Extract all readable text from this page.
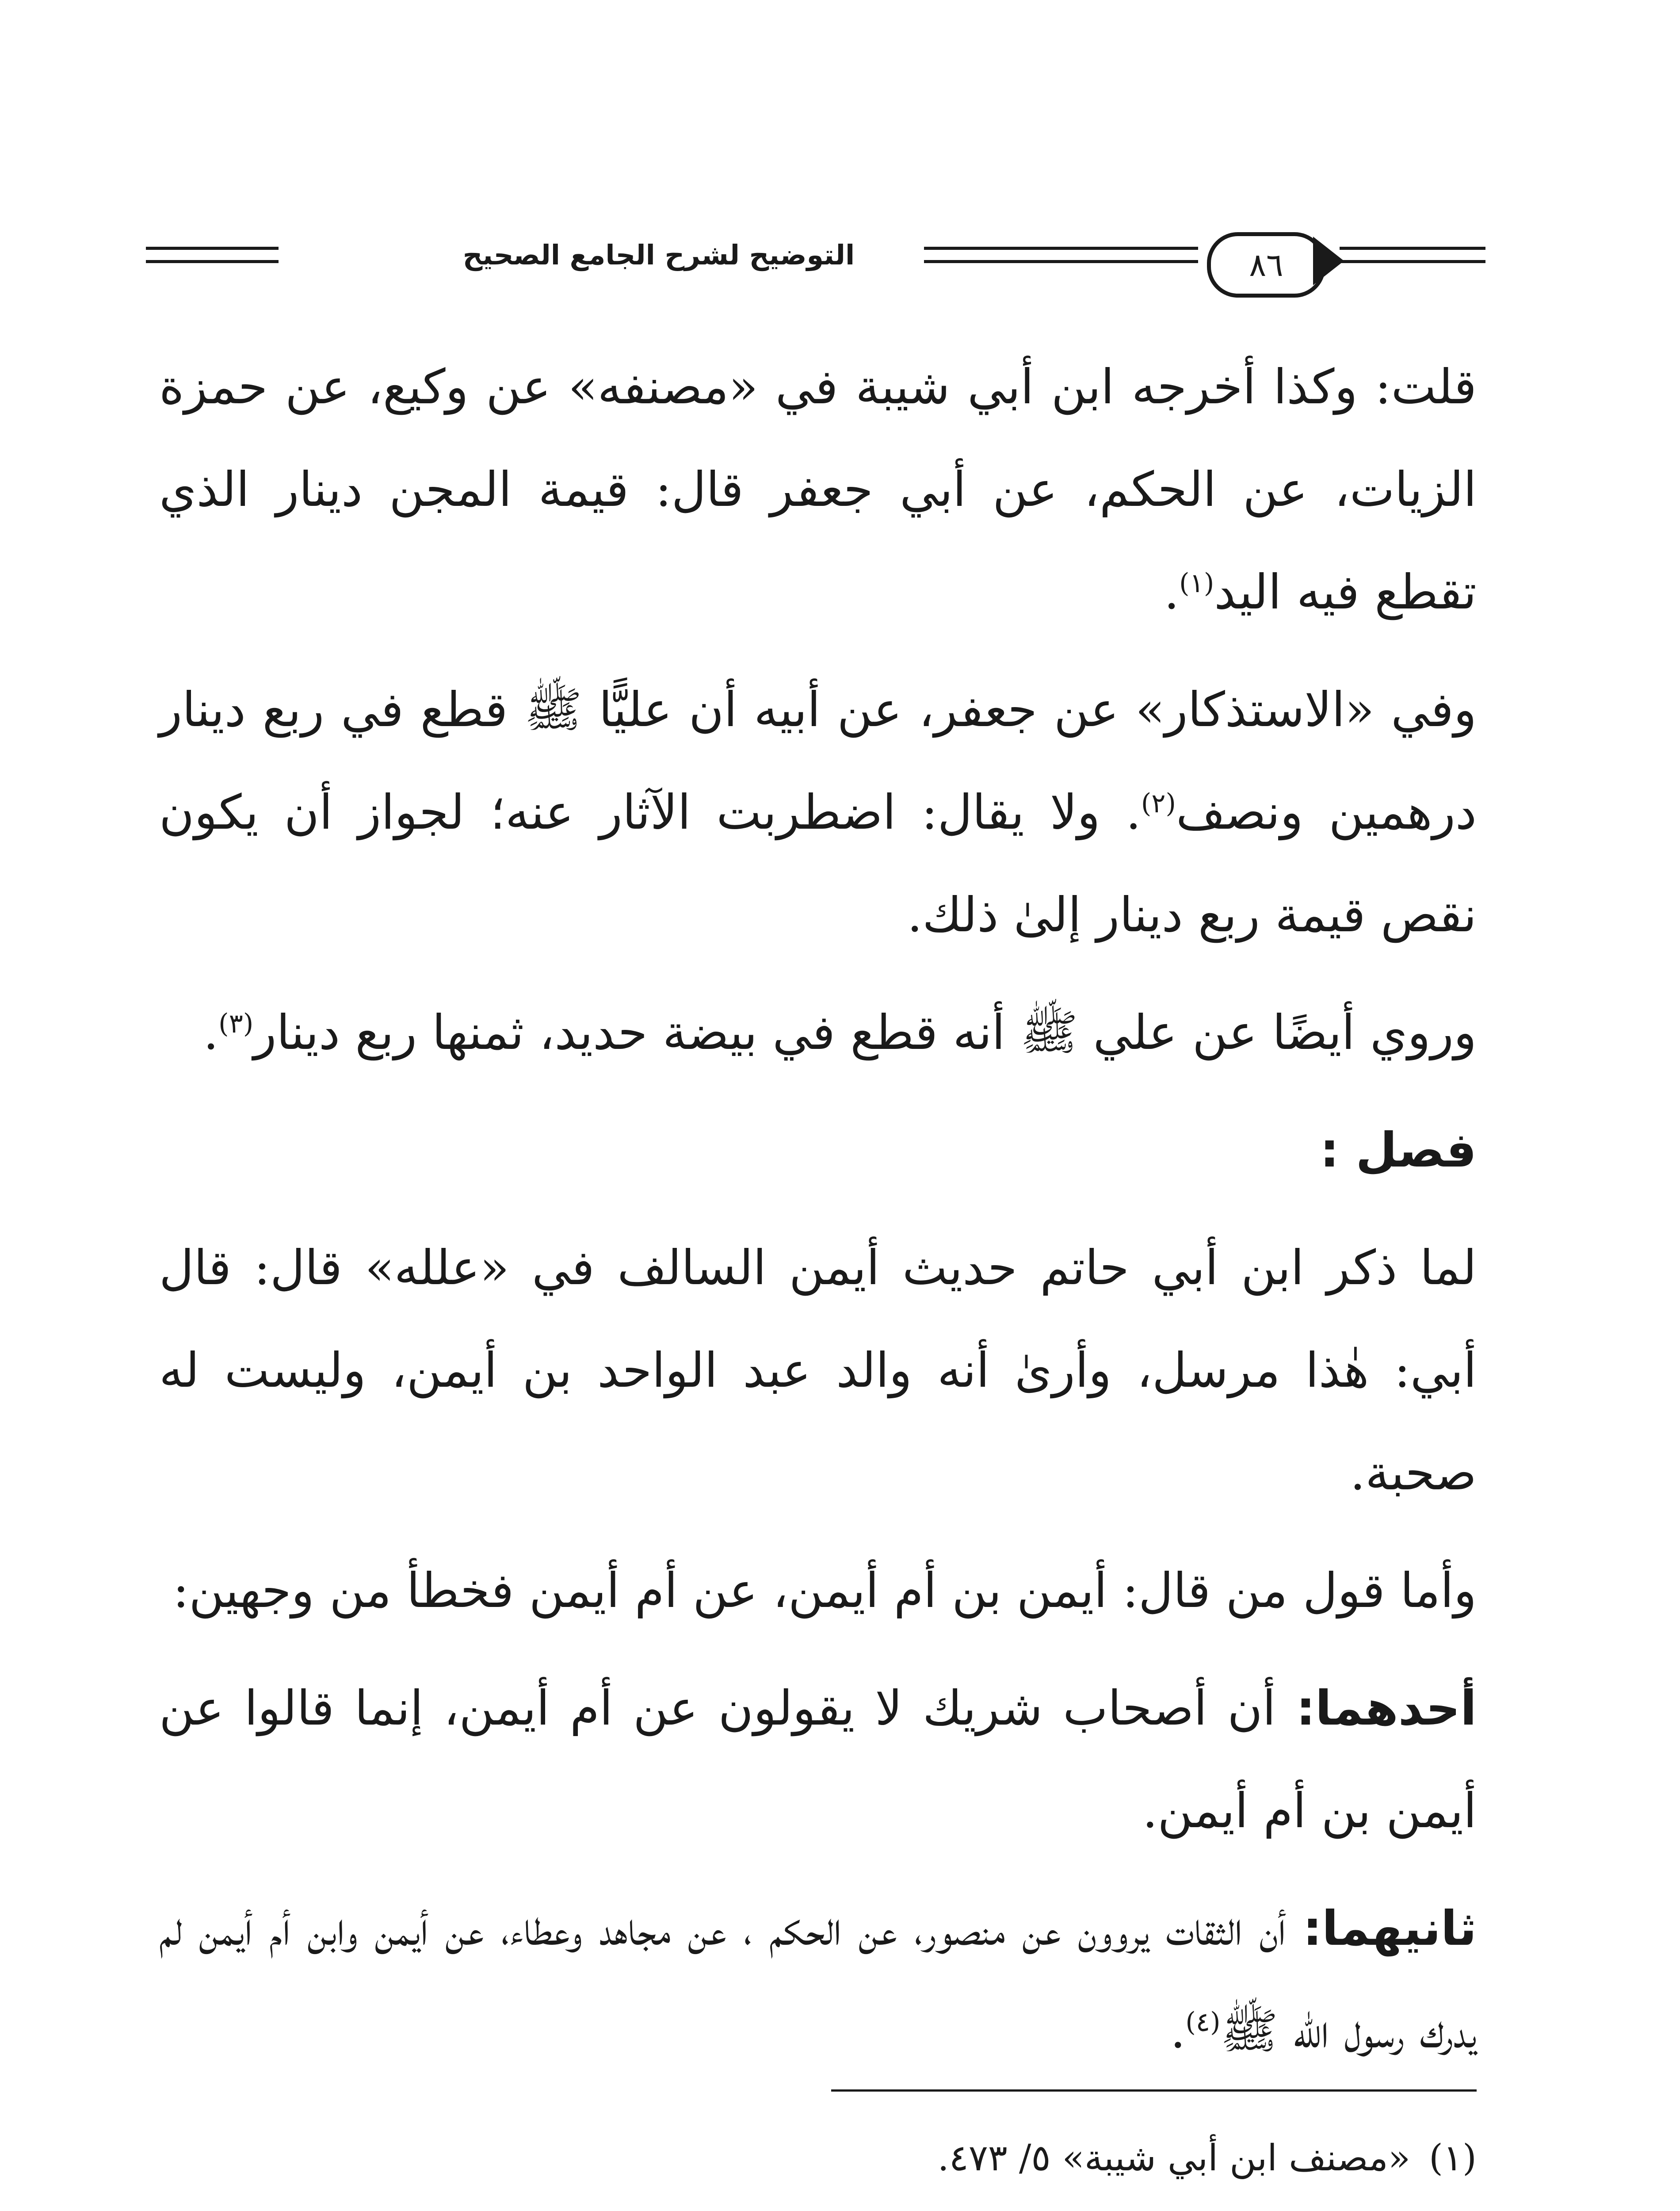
التوضيح لشرح الجامع الصحيح	٨٦

قلت: وكذا أخرجه ابن أبي شيبة في «مصنفه» عن وكيع، عن حمزة الزيات، عن الحكم، عن أبي جعفر قال: قيمة المجن دينار الذي تقطع فيه اليد$^{(١)}$.

وفي «الاستذكار» عن جعفر، عن أبيه أن عليًّا ﷺ قطع في ربع دينار درهمين ونصف$^{(٢)}$. ولا يقال: اضطربت الآثار عنه؛ لجواز أن يكون نقص قيمة ربع دينار إلىٰ ذلك.

وروي أيضًا عن علي ﷺ أنه قطع في بيضة حديد، ثمنها ربع دينار$^{(٣)}$.

فصل :

لما ذكر ابن أبي حاتم حديث أيمن السالف في «علله» قال: قال أبي: هٰذا مرسل، وأرىٰ أنه والد عبد الواحد بن أيمن، وليست له صحبة.

وأما قول من قال: أيمن بن أم أيمن، عن أم أيمن فخطأ من وجهين:

أحدهما: أن أصحاب شريك لا يقولون عن أم أيمن، إنما قالوا عن أيمن بن أم أيمن.

ثانيهما: أن الثقات يروون عن منصور، عن الحكم ، عن مجاهد وعطاء، عن أيمن وابن أم أيمن لم يدرك رسول الله ﷺ$^{(٤)}$.

(١)
«مصنف ابن أبي شيبة» ٥/ ٤٧٣.
